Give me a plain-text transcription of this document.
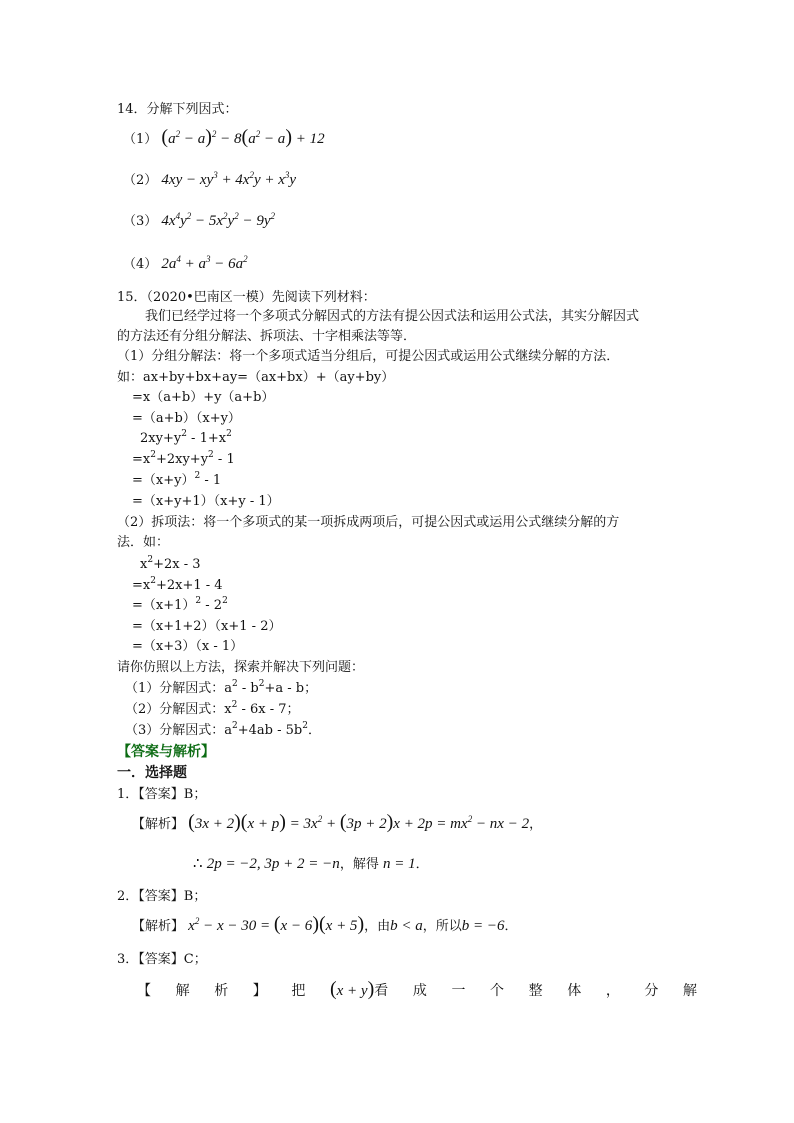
14．分解下列因式：
（1） $(a^2 - a)^2 - 8(a^2 - a) + 12$
（2） $4xy - xy^3 + 4x^2y + x^3y$
（3） $4x^4y^2 - 5x^2y^2 - 9y^2$
（4） $2a^4 + a^3 - 6a^2$
15．（2020•巴南区一模）先阅读下列材料：
我们已经学过将一个多项式分解因式的方法有提公因式法和运用公式法，其实分解因式
的方法还有分组分解法、拆项法、十字相乘法等等．
（1）分组分解法：将一个多项式适当分组后，可提公因式或运用公式继续分解的方法．
如：ax+by+bx+ay=（ax+bx）+（ay+by）
=x（a+b）+y（a+b）
=（a+b）（x+y）
$2xy+y^2 - 1+x^2$
$=x^2+2xy+y^2 - 1$
$=(x+y)^2 - 1$
=（x+y+1）（x+y - 1）
（2）拆项法：将一个多项式的某一项拆成两项后，可提公因式或运用公式继续分解的方
法．如：
$x^2+2x - 3$
$=x^2+2x+1 - 4$
$=(x+1)^2 - 2^2$
=（x+1+2）（x+1 - 2）
=（x+3）（x - 1）
请你仿照以上方法，探索并解决下列问题：
（1）分解因式：$a^2 - b^2+a - b$；
（2）分解因式：$x^2 - 6x - 7$；
（3）分解因式：$a^2+4ab - 5b^2$．
【答案与解析】
一．选择题
1．【答案】B；
【解析】 $(3x + 2)(x + p) = 3x^2 + (3p + 2)x + 2p = mx^2$ − nx − 2，
∴ 2p = −2, 3p + 2 = −n，解得 n = 1．
2．【答案】B；
【解析】 $x^2 - x - 30 = (x - 6)(x + 5)$，由b < a，所以b = −6．
3．【答案】C；
【 解 析 】 把 (x + y)看 成 一 个 整 体 ， 分 解
